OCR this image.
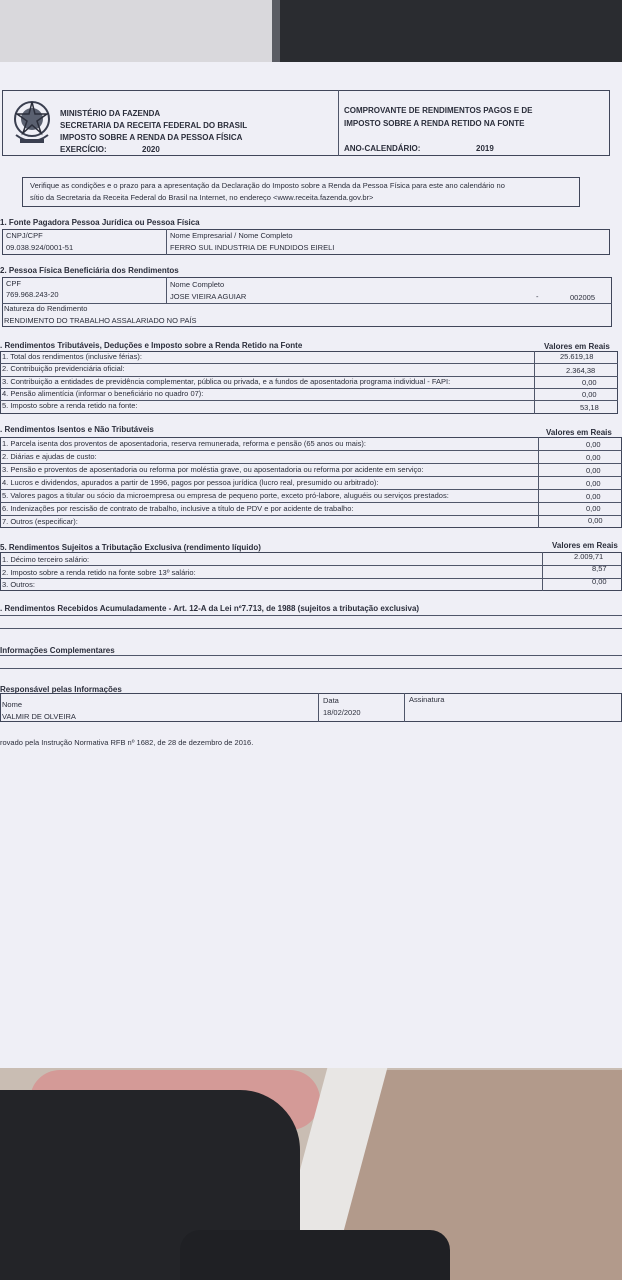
MINISTÉRIO DA FAZENDA
SECRETARIA DA RECEITA FEDERAL DO BRASIL
IMPOSTO SOBRE A RENDA DA PESSOA FÍSICA
EXERCÍCIO:	2020
COMPROVANTE DE RENDIMENTOS PAGOS E DE
IMPOSTO SOBRE A RENDA RETIDO NA FONTE
ANO-CALENDÁRIO:	2019
Verifique as condições e o prazo para a apresentação da Declaração do Imposto sobre a Renda da Pessoa Física para este ano calendário no
sítio da Secretaria da Receita Federal do Brasil na Internet, no endereço <www.receita.fazenda.gov.br>
1. Fonte Pagadora Pessoa Jurídica ou Pessoa Física
CNPJ/CPF
09.038.924/0001-51
Nome Empresarial / Nome Completo
FERRO SUL INDUSTRIA DE FUNDIDOS EIRELI
2. Pessoa Física Beneficiária dos Rendimentos
CPF
769.968.243-20
Nome Completo
JOSE VIEIRA AGUIAR	-	002005
Natureza do Rendimento
RENDIMENTO DO TRABALHO ASSALARIADO NO PAÍS
. Rendimentos Tributáveis, Deduções e Imposto sobre a Renda Retido na Fonte	Valores em Reais
1. Total dos rendimentos (inclusive férias):	25.619,18
2. Contribuição previdenciária oficial:	2.364,38
3. Contribuição a entidades de previdência complementar, pública ou privada, e a fundos de aposentadoria programa individual - FAPI:	0,00
4. Pensão alimentícia (informar o beneficiário no quadro 07):	0,00
5. Imposto sobre a renda retido na fonte:	53,18
. Rendimentos Isentos e Não Tributáveis	Valores em Reais
1. Parcela isenta dos proventos de aposentadoria, reserva remunerada, reforma e pensão (65 anos ou mais):	0,00
2. Diárias e ajudas de custo:	0,00
3. Pensão e proventos de aposentadoria ou reforma por moléstia grave, ou aposentadoria ou reforma por acidente em serviço:	0,00
4. Lucros e dividendos, apurados a partir de 1996, pagos por pessoa jurídica (lucro real, presumido ou arbitrado):	0,00
5. Valores pagos a titular ou sócio da microempresa ou empresa de pequeno porte, exceto pró-labore, aluguéis ou serviços prestados:	0,00
6. Indenizações por rescisão de contrato de trabalho, inclusive a título de PDV e por acidente de trabalho:	0,00
7. Outros (especificar):	0,00
5. Rendimentos Sujeitos a Tributação Exclusiva (rendimento líquido)	Valores em Reais
1. Décimo terceiro salário:	2.009,71
2. Imposto sobre a renda retido na fonte sobre 13º salário:	8,57
3. Outros:	0,00
. Rendimentos Recebidos Acumuladamente - Art. 12-A da Lei nº7.713, de 1988 (sujeitos a tributação exclusiva)
Informações Complementares
Responsável pelas Informações
Nome
VALMIR DE OLVEIRA
Data
18/02/2020
Assinatura
rovado pela Instrução Normativa RFB nº 1682, de 28 de dezembro de 2016.
